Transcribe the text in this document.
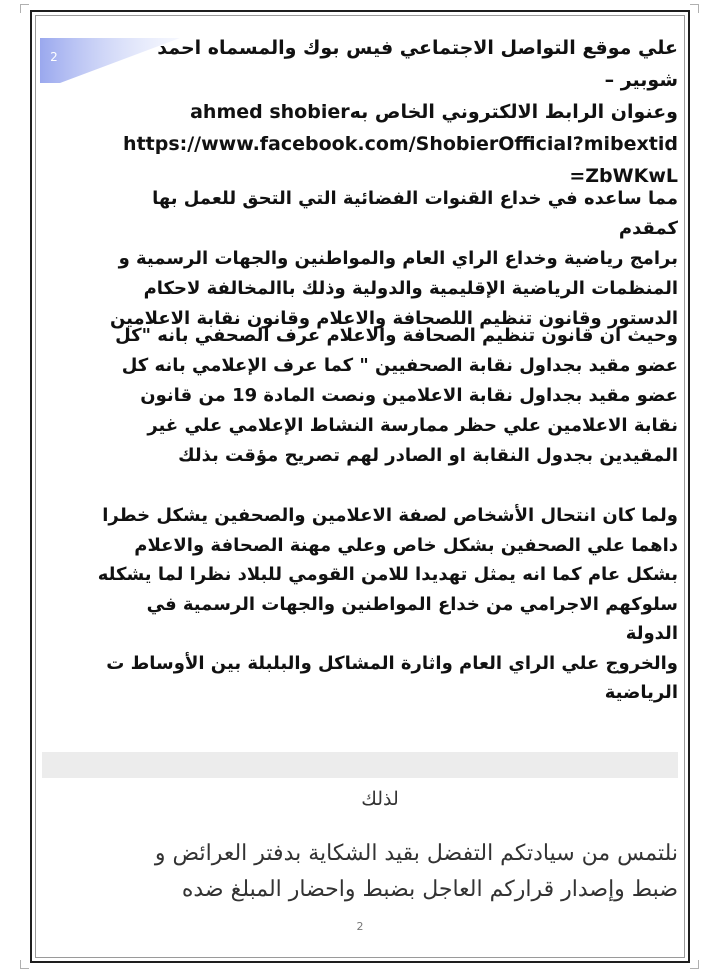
2	علي موقع التواصل الاجتماعي فيس بوك والمسماه احمد شوبير –
وعنوان الرابط الالكتروني الخاص بهahmed shobier
https://www.facebook.com/ShobierOfficial?mibextid
=ZbWKwL
مما ساعده في خداع القنوات الفضائية التي التحق للعمل بها كمقدم
برامج رياضية وخداع الراي العام والمواطنين والجهات الرسمية و
المنظمات الرياضية الإقليمية والدولية وذلك باالمخالفة لاحكام
الدستور وقانون تنظيم اللصحافة والاعلام وقانون نقابة الاعلامين
وحيث ان قانون تنظيم الصحافة والاعلام عرف الصحفي بانه "كل
عضو مقيد بجداول نقابة الصحفيين " كما عرف الإعلامي بانه كل
عضو مقيد بجداول نقابة الاعلامين ونصت المادة 19 من قانون
نقابة الاعلامين علي حظر ممارسة النشاط الإعلامي علي غير
المقيدين بجدول النقابة او الصادر لهم تصريح مؤقت بذلك
ولما كان انتحال الأشخاص لصفة الاعلامين والصحفين يشكل خطرا
داهما علي الصحفين بشكل خاص وعلي مهنة الصحافة والاعلام
بشكل عام كما انه يمثل تهديدا للامن القومي للبلاد نظرا لما يشكله
سلوكهم الاجرامي من خداع المواطنين والجهات الرسمية في الدولة
والخروج علي الراي العام واثارة المشاكل والبلبلة بين الأوساط ت
الرياضية
لذلك
نلتمس من سيادتكم التفضل بقيد الشكاية بدفتر العرائض و
ضبط وإصدار قراركم العاجل بضبط واحضار المبلغ ضده
2
